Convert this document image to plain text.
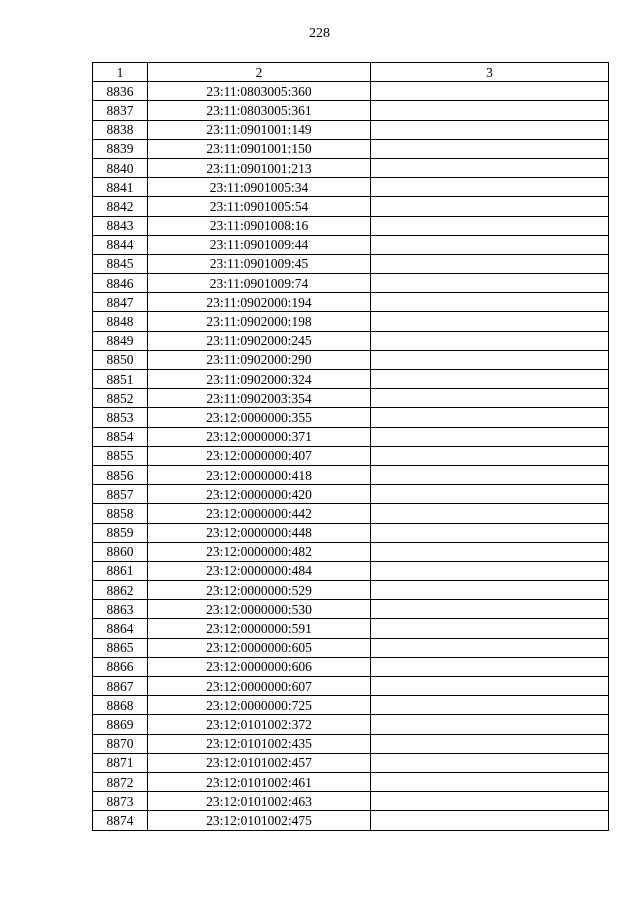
228
1	2	3
8836	23:11:0803005:360	
8837	23:11:0803005:361	
8838	23:11:0901001:149	
8839	23:11:0901001:150	
8840	23:11:0901001:213	
8841	23:11:0901005:34	
8842	23:11:0901005:54	
8843	23:11:0901008:16	
8844	23:11:0901009:44	
8845	23:11:0901009:45	
8846	23:11:0901009:74	
8847	23:11:0902000:194	
8848	23:11:0902000:198	
8849	23:11:0902000:245	
8850	23:11:0902000:290	
8851	23:11:0902000:324	
8852	23:11:0902003:354	
8853	23:12:0000000:355	
8854	23:12:0000000:371	
8855	23:12:0000000:407	
8856	23:12:0000000:418	
8857	23:12:0000000:420	
8858	23:12:0000000:442	
8859	23:12:0000000:448	
8860	23:12:0000000:482	
8861	23:12:0000000:484	
8862	23:12:0000000:529	
8863	23:12:0000000:530	
8864	23:12:0000000:591	
8865	23:12:0000000:605	
8866	23:12:0000000:606	
8867	23:12:0000000:607	
8868	23:12:0000000:725	
8869	23:12:0101002:372	
8870	23:12:0101002:435	
8871	23:12:0101002:457	
8872	23:12:0101002:461	
8873	23:12:0101002:463	
8874	23:12:0101002:475	
